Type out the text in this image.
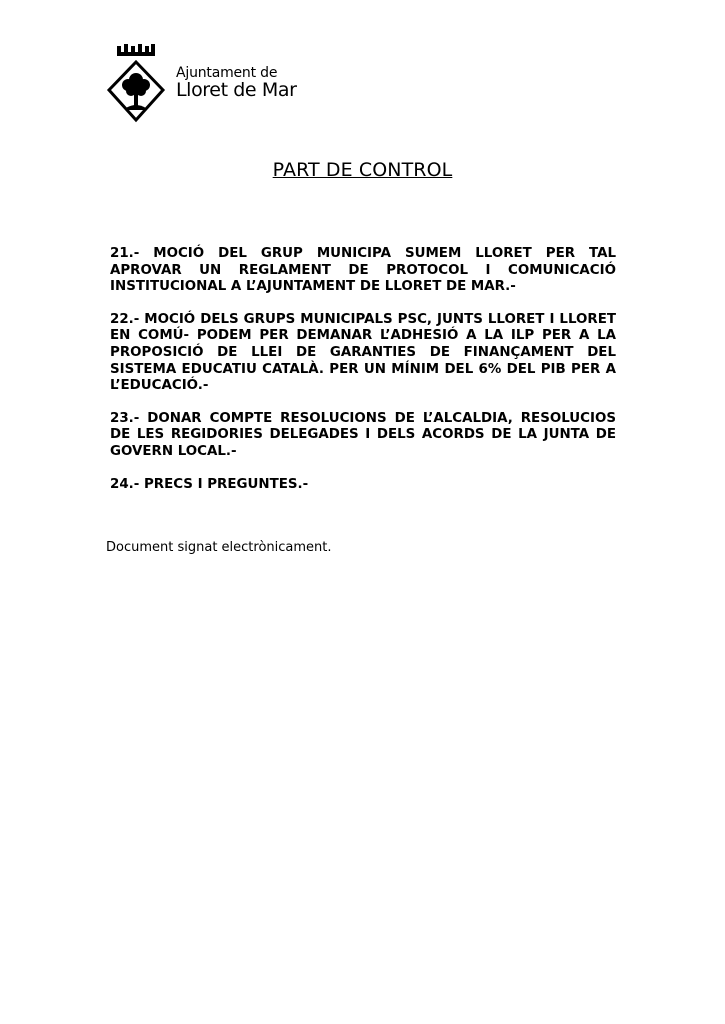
Ajuntament de
Lloret de Mar
PART DE CONTROL

21.- MOCIÓ DEL GRUP MUNICIPA SUMEM LLORET PER TAL APROVAR UN REGLAMENT DE PROTOCOL I COMUNICACIÓ INSTITUCIONAL A L’AJUNTAMENT DE LLORET DE MAR.-

22.- MOCIÓ DELS GRUPS MUNICIPALS PSC, JUNTS LLORET I LLORET EN COMÚ- PODEM PER DEMANAR L’ADHESIÓ A LA ILP PER A LA PROPOSICIÓ DE LLEI DE GARANTIES DE FINANÇAMENT DEL SISTEMA EDUCATIU CATALÀ. PER UN MÍNIM DEL 6% DEL PIB PER A L’EDUCACIÓ.-

23.- DONAR COMPTE RESOLUCIONS DE L’ALCALDIA, RESOLUCIOS DE LES REGIDORIES DELEGADES I DELS ACORDS DE LA JUNTA DE GOVERN LOCAL.-

24.- PRECS I PREGUNTES.-

Document signat electrònicament.
